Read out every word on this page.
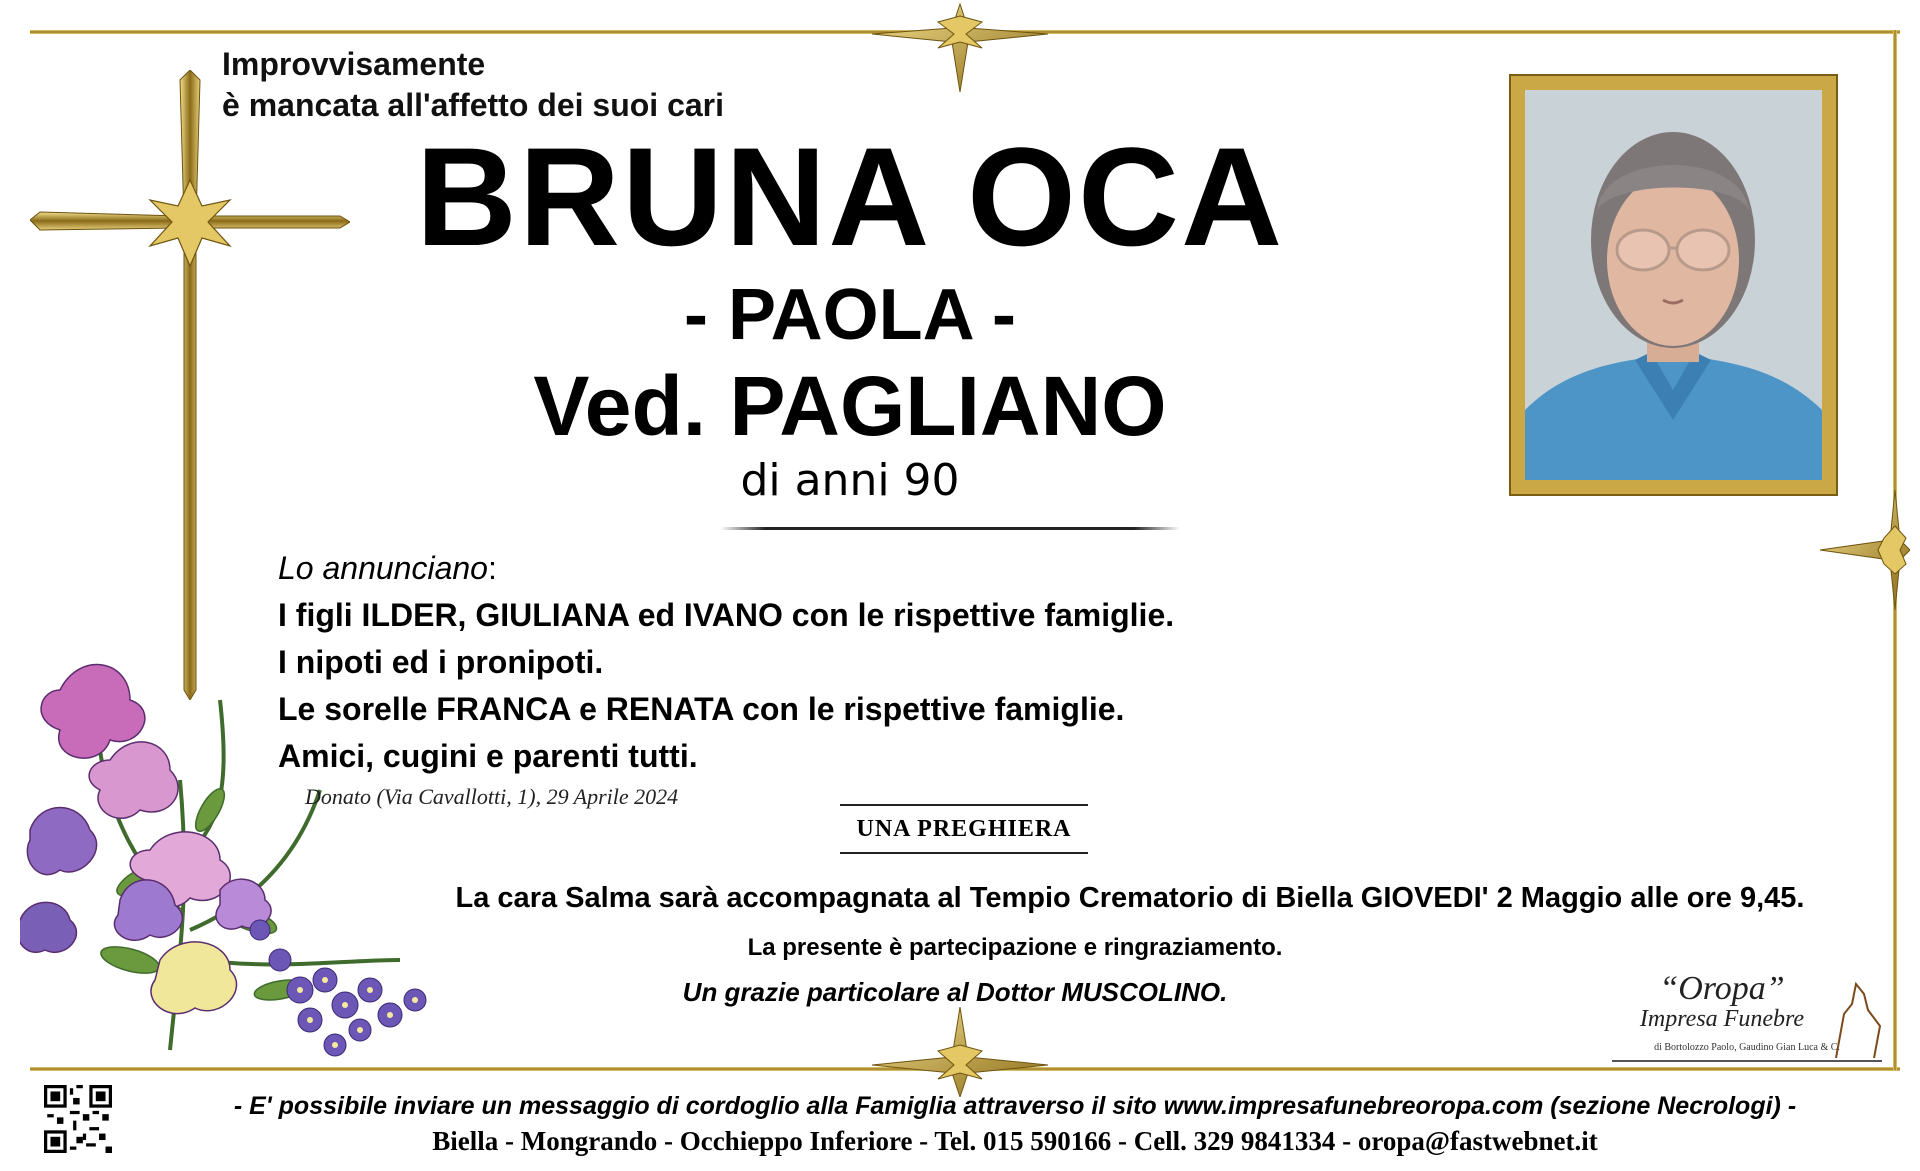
Improvvisamente
è mancata all'affetto dei suoi cari
BRUNA OCA
- PAOLA -
Ved. PAGLIANO
di anni 90
Lo annunciano:
I figli ILDER, GIULIANA ed IVANO con le rispettive famiglie.
I nipoti ed i pronipoti.
Le sorelle FRANCA e RENATA con le rispettive famiglie.
Amici, cugini e parenti tutti.
Donato (Via Cavallotti, 1), 29 Aprile 2024
UNA PREGHIERA
La cara Salma sarà accompagnata al Tempio Crematorio di Biella GIOVEDI' 2 Maggio alle ore 9,45.
La presente è partecipazione e ringraziamento.
Un grazie particolare al Dottor MUSCOLINO.	“Oropa”
Impresa Funebre
di Bortolozzo Paolo, Gaudino Gian Luca & C.
- E' possibile inviare un messaggio di cordoglio alla Famiglia attraverso il sito www.impresafunebreoropa.com (sezione Necrologi) -
Biella - Mongrando - Occhieppo Inferiore - Tel. 015 590166 - Cell. 329 9841334 - oropa@fastwebnet.it
